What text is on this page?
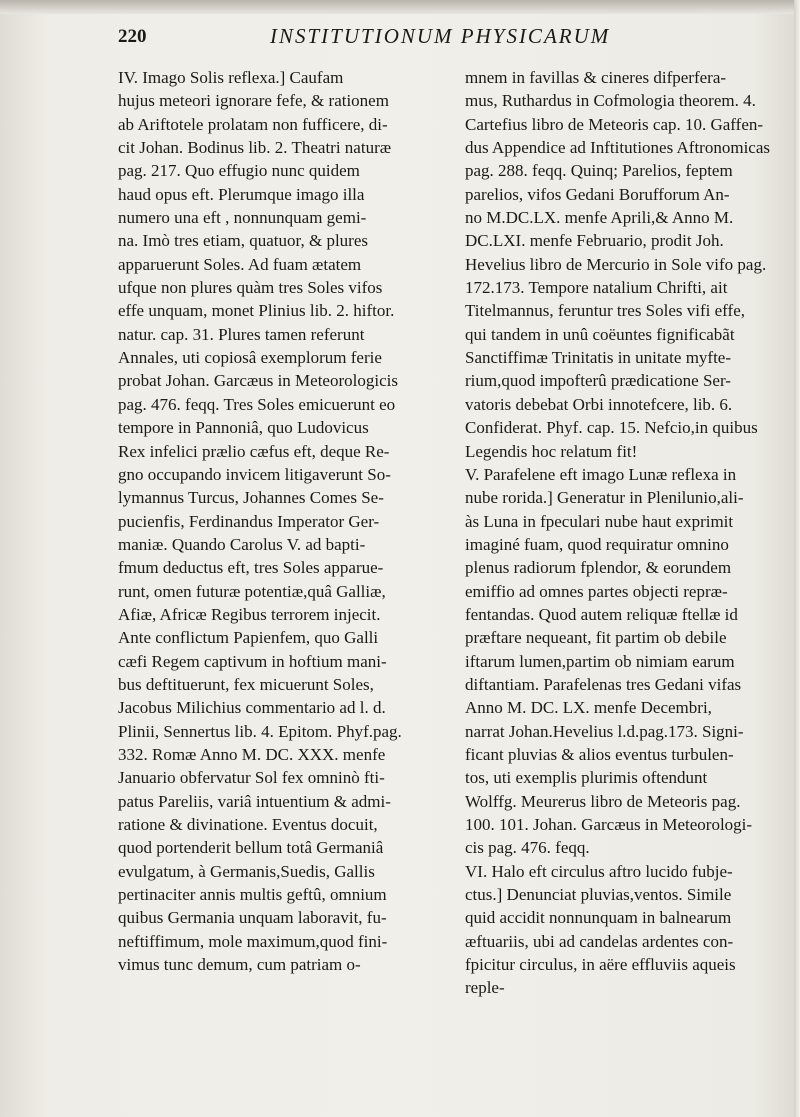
220	INSTITUTIONUM PHYSICARUM
IV. Imago Solis reflexa.] Caufam
hujus meteori ignorare fefe, & rationem
ab Ariftotele prolatam non fufficere, di-
cit Johan. Bodinus lib. 2. Theatri naturæ
pag. 217. Quo effugio nunc quidem
haud opus eft. Plerumque imago illa
numero una eft , nonnunquam gemi-
na. Imò tres etiam, quatuor, & plures
apparuerunt Soles. Ad fuam ætatem
ufque non plures quàm tres Soles vifos
effe unquam, monet Plinius lib. 2. hiftor.
natur. cap. 31. Plures tamen referunt
Annales, uti copiosâ exemplorum ferie
probat Johan. Garcæus in Meteorologicis
pag. 476. feqq. Tres Soles emicuerunt eo
tempore in Pannoniâ, quo Ludovicus
Rex infelici prælio cæfus eft, deque Re-
gno occupando invicem litigaverunt So-
lymannus Turcus, Johannes Comes Se-
pucienfis, Ferdinandus Imperator Ger-
maniæ. Quando Carolus V. ad bapti-
fmum deductus eft, tres Soles apparue-
runt, omen futuræ potentiæ,quâ Galliæ,
Afiæ, Africæ Regibus terrorem injecit.
Ante conflictum Papienfem, quo Galli
cæfi Regem captivum in hoftium mani-
bus deftituerunt, fex micuerunt Soles,
Jacobus Milichius commentario ad l. d.
Plinii, Sennertus lib. 4. Epitom. Phyf.pag.
332. Romæ Anno M. DC. XXX. menfe
Januario obfervatur Sol fex omninò fti-
patus Pareliis, variâ intuentium & admi-
ratione & divinatione. Eventus docuit,
quod portenderit bellum totâ Germaniâ
evulgatum, à Germanis,Suedis, Gallis
pertinaciter annis multis geftû, omnium
quibus Germania unquam laboravit, fu-
neftiffimum, mole maximum,quod fini-
vimus tunc demum, cum patriam o-
mnem in favillas & cineres difperfera-
mus, Ruthardus in Cofmologia theorem. 4.
Cartefius libro de Meteoris cap. 10. Gaffen-
dus Appendice ad Inftitutiones Aftronomicas
pag. 288. feqq. Quinq; Parelios, feptem
parelios, vifos Gedani Borufforum An-
no M.DC.LX. menfe Aprili,& Anno M.
DC.LXI. menfe Februario, prodit Joh.
Hevelius libro de Mercurio in Sole vifo pag.
172.173. Tempore natalium Chrifti, ait
Titelmannus, feruntur tres Soles vifi effe,
qui tandem in unû coëuntes fignificabãt
Sanctiffimæ Trinitatis in unitate myfte-
rium,quod impofterû prædicatione Ser-
vatoris debebat Orbi innotefcere, lib. 6.
Confiderat. Phyf. cap. 15. Nefcio,in quibus
Legendis hoc relatum fit!
V. Parafelene eft imago Lunæ reflexa in
nube rorida.] Generatur in Plenilunio,ali-
às Luna in fpeculari nube haut exprimit
imaginé fuam, quod requiratur omnino
plenus radiorum fplendor, & eorundem
emiffio ad omnes partes objecti repræ-
fentandas. Quod autem reliquæ ftellæ id
præftare nequeant, fit partim ob debile
iftarum lumen,partim ob nimiam earum
diftantiam. Parafelenas tres Gedani vifas
Anno M. DC. LX. menfe Decembri,
narrat Johan.Hevelius l.d.pag.173. Signi-
ficant pluvias & alios eventus turbulen-
tos, uti exemplis plurimis oftendunt
Wolffg. Meurerus libro de Meteoris pag.
100. 101. Johan. Garcæus in Meteorologi-
cis pag. 476. feqq.
VI. Halo eft circulus aftro lucido fubje-
ctus.] Denunciat pluvias,ventos. Simile
quid accidit nonnunquam in balnearum
æftuariis, ubi ad candelas ardentes con-
fpicitur circulus, in aëre effluviis aqueis
reple-
